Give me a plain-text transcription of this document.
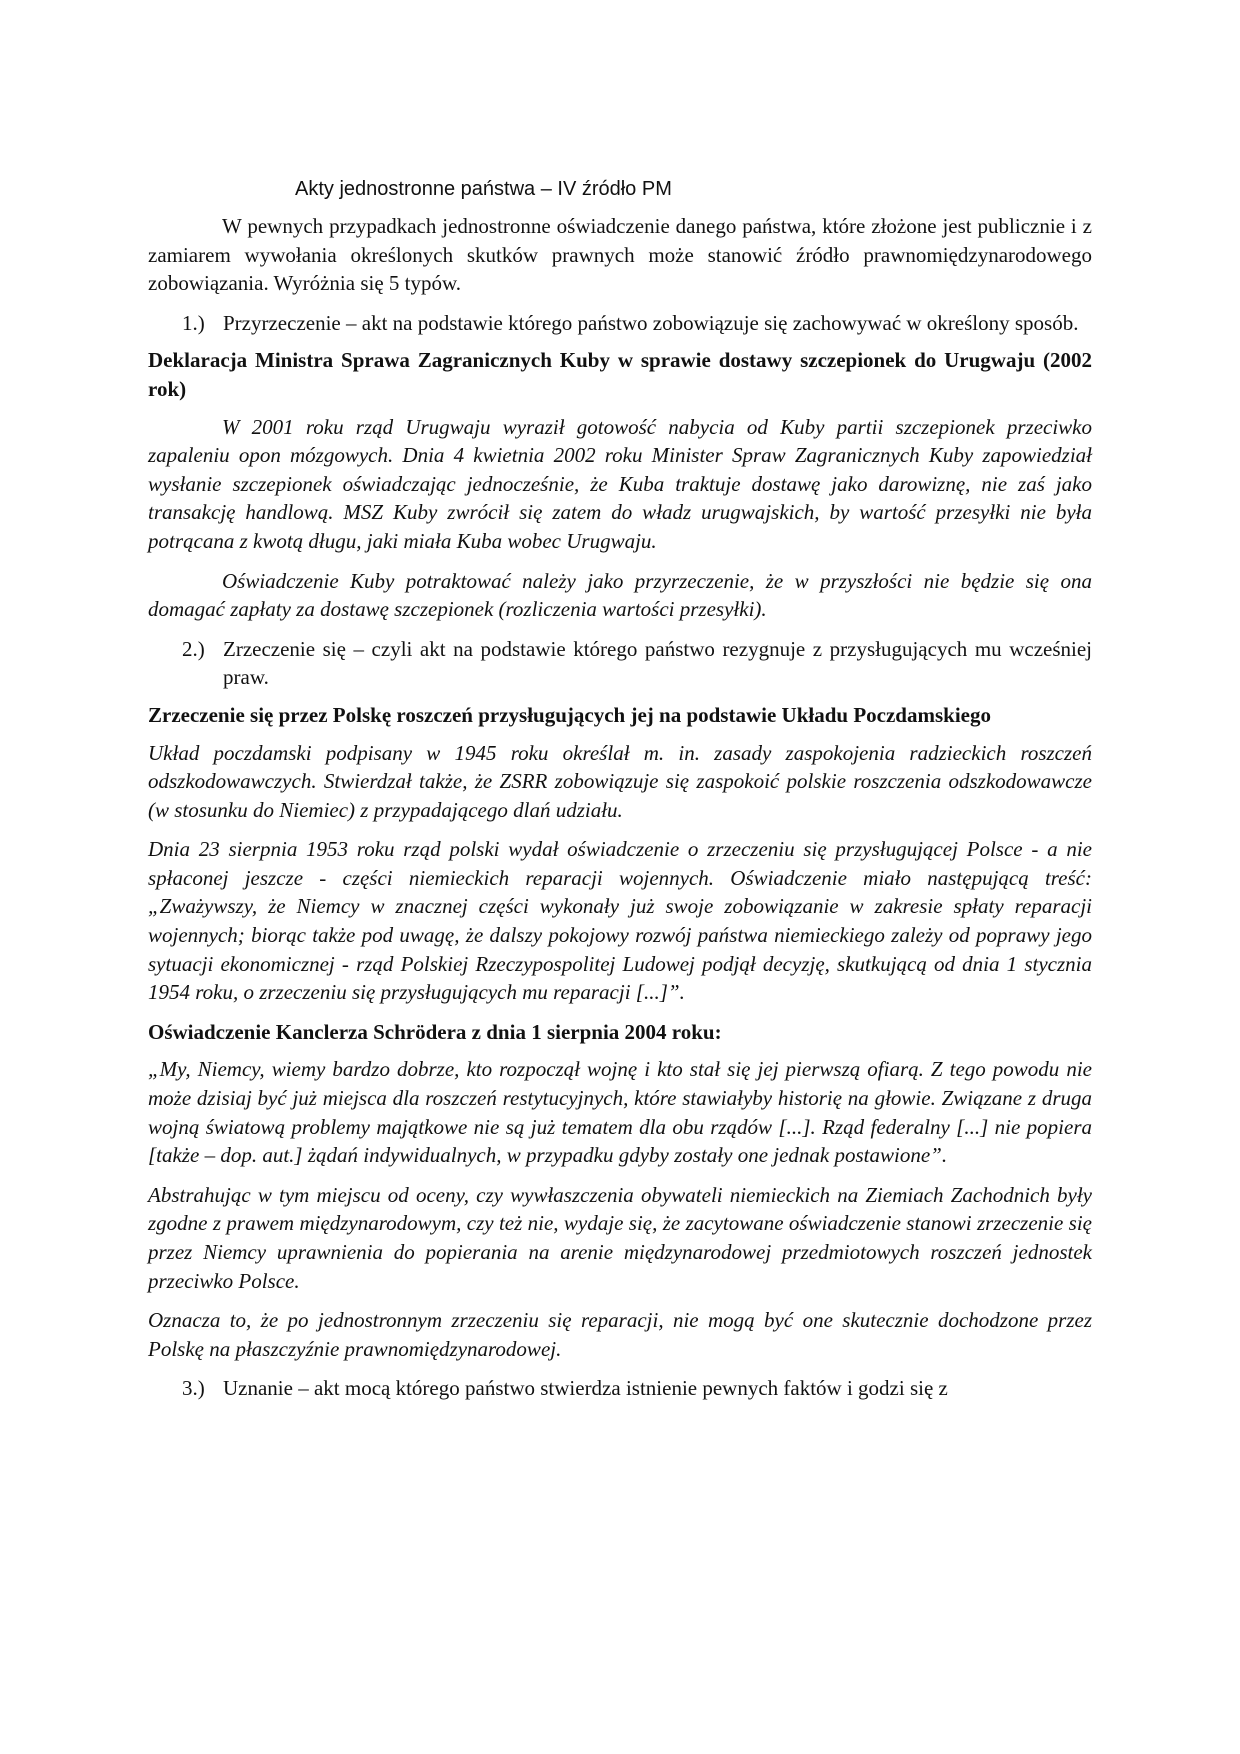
Akty jednostronne państwa – IV źródło PM

W pewnych przypadkach jednostronne oświadczenie danego państwa, które złożone jest publicznie i z zamiarem wywołania określonych skutków prawnych może stanowić źródło prawnomiędzynarodowego zobowiązania. Wyróżnia się 5 typów.

1.) Przyrzeczenie – akt na podstawie którego państwo zobowiązuje się zachowywać w określony sposób.

Deklaracja Ministra Sprawa Zagranicznych Kuby w sprawie dostawy szczepionek do Urugwaju (2002 rok)

W 2001 roku rząd Urugwaju wyraził gotowość nabycia od Kuby partii szczepionek przeciwko zapaleniu opon mózgowych. Dnia 4 kwietnia 2002 roku Minister Spraw Zagranicznych Kuby zapowiedział wysłanie szczepionek oświadczając jednocześnie, że Kuba traktuje dostawę jako darowiznę, nie zaś jako transakcję handlową. MSZ Kuby zwrócił się zatem do władz urugwajskich, by wartość przesyłki nie była potrącana z kwotą długu, jaki miała Kuba wobec Urugwaju.

Oświadczenie Kuby potraktować należy jako przyrzeczenie, że w przyszłości nie będzie się ona domagać zapłaty za dostawę szczepionek (rozliczenia wartości przesyłki).

2.) Zrzeczenie się – czyli akt na podstawie którego państwo rezygnuje z przysługujących mu wcześniej praw.

Zrzeczenie się przez Polskę roszczeń przysługujących jej na podstawie Układu Poczdamskiego

Układ poczdamski podpisany w 1945 roku określał m. in. zasady zaspokojenia radzieckich roszczeń odszkodowawczych. Stwierdzał także, że ZSRR zobowiązuje się zaspokoić polskie roszczenia odszkodowawcze (w stosunku do Niemiec) z przypadającego dlań udziału.

Dnia 23 sierpnia 1953 roku rząd polski wydał oświadczenie o zrzeczeniu się przysługującej Polsce - a nie spłaconej jeszcze - części niemieckich reparacji wojennych. Oświadczenie miało następującą treść: „Zważywszy, że Niemcy w znacznej części wykonały już swoje zobowiązanie w zakresie spłaty reparacji wojennych; biorąc także pod uwagę, że dalszy pokojowy rozwój państwa niemieckiego zależy od poprawy jego sytuacji ekonomicznej - rząd Polskiej Rzeczypospolitej Ludowej podjął decyzję, skutkującą od dnia 1 stycznia 1954 roku, o zrzeczeniu się przysługujących mu reparacji [...]”.

Oświadczenie Kanclerza Schrödera z dnia 1 sierpnia 2004 roku:

„My, Niemcy, wiemy bardzo dobrze, kto rozpoczął wojnę i kto stał się jej pierwszą ofiarą. Z tego powodu nie może dzisiaj być już miejsca dla roszczeń restytucyjnych, które stawiałyby historię na głowie. Związane z druga wojną światową problemy majątkowe nie są już tematem dla obu rządów [...]. Rząd federalny [...] nie popiera [także – dop. aut.] żądań indywidualnych, w przypadku gdyby zostały one jednak postawione”.

Abstrahując w tym miejscu od oceny, czy wywłaszczenia obywateli niemieckich na Ziemiach Zachodnich były zgodne z prawem międzynarodowym, czy też nie, wydaje się, że zacytowane oświadczenie stanowi zrzeczenie się przez Niemcy uprawnienia do popierania na arenie międzynarodowej przedmiotowych roszczeń jednostek przeciwko Polsce.

Oznacza to, że po jednostronnym zrzeczeniu się reparacji, nie mogą być one skutecznie dochodzone przez Polskę na płaszczyźnie prawnomiędzynarodowej.

3.) Uznanie – akt mocą którego państwo stwierdza istnienie pewnych faktów i godzi się z
